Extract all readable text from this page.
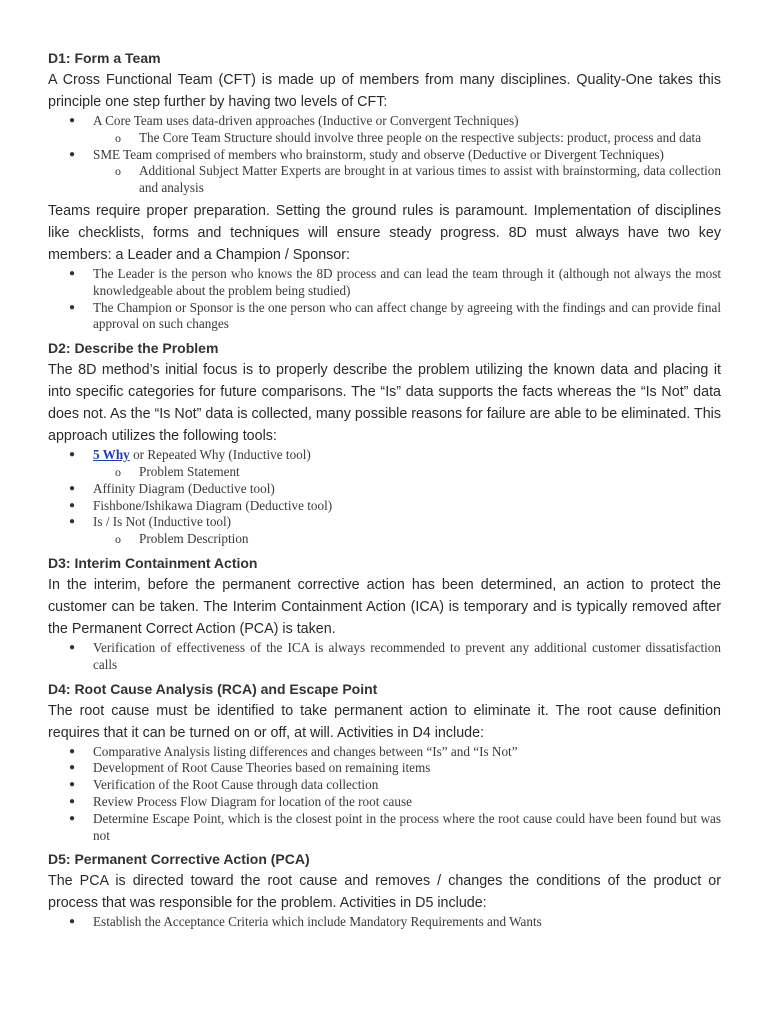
D1: Form a Team

A Cross Functional Team (CFT) is made up of members from many disciplines. Quality-One takes this principle one step further by having two levels of CFT:

● A Core Team uses data-driven approaches (Inductive or Convergent Techniques)
o The Core Team Structure should involve three people on the respective subjects: product, process and data
● SME Team comprised of members who brainstorm, study and observe (Deductive or Divergent Techniques)
o Additional Subject Matter Experts are brought in at various times to assist with brainstorming, data collection and analysis

Teams require proper preparation. Setting the ground rules is paramount. Implementation of disciplines like checklists, forms and techniques will ensure steady progress. 8D must always have two key members: a Leader and a Champion / Sponsor:

● The Leader is the person who knows the 8D process and can lead the team through it (although not always the most knowledgeable about the problem being studied)
● The Champion or Sponsor is the one person who can affect change by agreeing with the findings and can provide final approval on such changes
D2: Describe the Problem

The 8D method’s initial focus is to properly describe the problem utilizing the known data and placing it into specific categories for future comparisons. The “Is” data supports the facts whereas the “Is Not” data does not. As the “Is Not” data is collected, many possible reasons for failure are able to be eliminated. This approach utilizes the following tools:

● 5 Why or Repeated Why (Inductive tool)
o Problem Statement
● Affinity Diagram (Deductive tool)
● Fishbone/Ishikawa Diagram (Deductive tool)
● Is / Is Not (Inductive tool)
o Problem Description
D3: Interim Containment Action

In the interim, before the permanent corrective action has been determined, an action to protect the customer can be taken. The Interim Containment Action (ICA) is temporary and is typically removed after the Permanent Correct Action (PCA) is taken.

● Verification of effectiveness of the ICA is always recommended to prevent any additional customer dissatisfaction calls
D4: Root Cause Analysis (RCA) and Escape Point

The root cause must be identified to take permanent action to eliminate it. The root cause definition requires that it can be turned on or off, at will. Activities in D4 include:

● Comparative Analysis listing differences and changes between “Is” and “Is Not”
● Development of Root Cause Theories based on remaining items
● Verification of the Root Cause through data collection
● Review Process Flow Diagram for location of the root cause
● Determine Escape Point, which is the closest point in the process where the root cause could have been found but was not
D5: Permanent Corrective Action (PCA)

The PCA is directed toward the root cause and removes / changes the conditions of the product or process that was responsible for the problem. Activities in D5 include:

● Establish the Acceptance Criteria which include Mandatory Requirements and Wants
